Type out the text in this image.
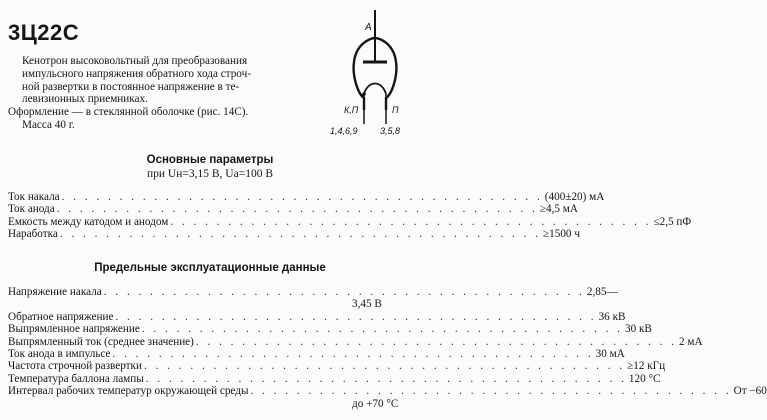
3Ц22С

Кенотрон высоковольтный для преобразования

импульсного напряжения обратного хода строч-

ной развертки в постоянное напряжение в те-

левизионных приемниках.

Оформление — в стеклянной оболочке (рис. 14С).

Масса 40 г.

А
К,П	П
1,4,6,9 3,5,8
Основные параметры
при Uн=3,15 В, Uа=100 В
Ток накала . . . . . . . . . . . . . . . . . . . . . . . . . . . . . . . . . . . . . . . . . . (400±20) мА
Ток анода . . . . . . . . . . . . . . . . . . . . . . . . . . . . . . . . . . . . . . . . . . ≥4,5 мА
Емкость между катодом и анодом . . . . . . . . . . . . . . . . . . . . . . . . . . . . . . . . . . . . . . . . . . ≤2,5 пФ
Наработка . . . . . . . . . . . . . . . . . . . . . . . . . . . . . . . . . . . . . . . . . . ≥1500 ч
Предельные эксплуатационные данные
Напряжение накала . . . . . . . . . . . . . . . . . . . . . . . . . . . . . . . . . . . . . . . . . . 2,85—
3,45 В
Обратное напряжение . . . . . . . . . . . . . . . . . . . . . . . . . . . . . . . . . . . . . . . . . . 36 кВ
Выпрямленное напряжение . . . . . . . . . . . . . . . . . . . . . . . . . . . . . . . . . . . . . . . . . . 30 кВ
Выпрямленный ток (среднее значение) . . . . . . . . . . . . . . . . . . . . . . . . . . . . . . . . . . . . . . . . . . 2 мА
Ток анода в импульсе . . . . . . . . . . . . . . . . . . . . . . . . . . . . . . . . . . . . . . . . . . 30 мА
Частота строчной развертки . . . . . . . . . . . . . . . . . . . . . . . . . . . . . . . . . . . . . . . . . . ≥12 кГц
Температура баллона лампы . . . . . . . . . . . . . . . . . . . . . . . . . . . . . . . . . . . . . . . . . . 120 °С
Интервал рабочих температур окружающей среды . . . . . . . . . . . . . . . . . . . . . . . . . . . . . . . . . . . . . . . . . . От −60
до +70 °С
